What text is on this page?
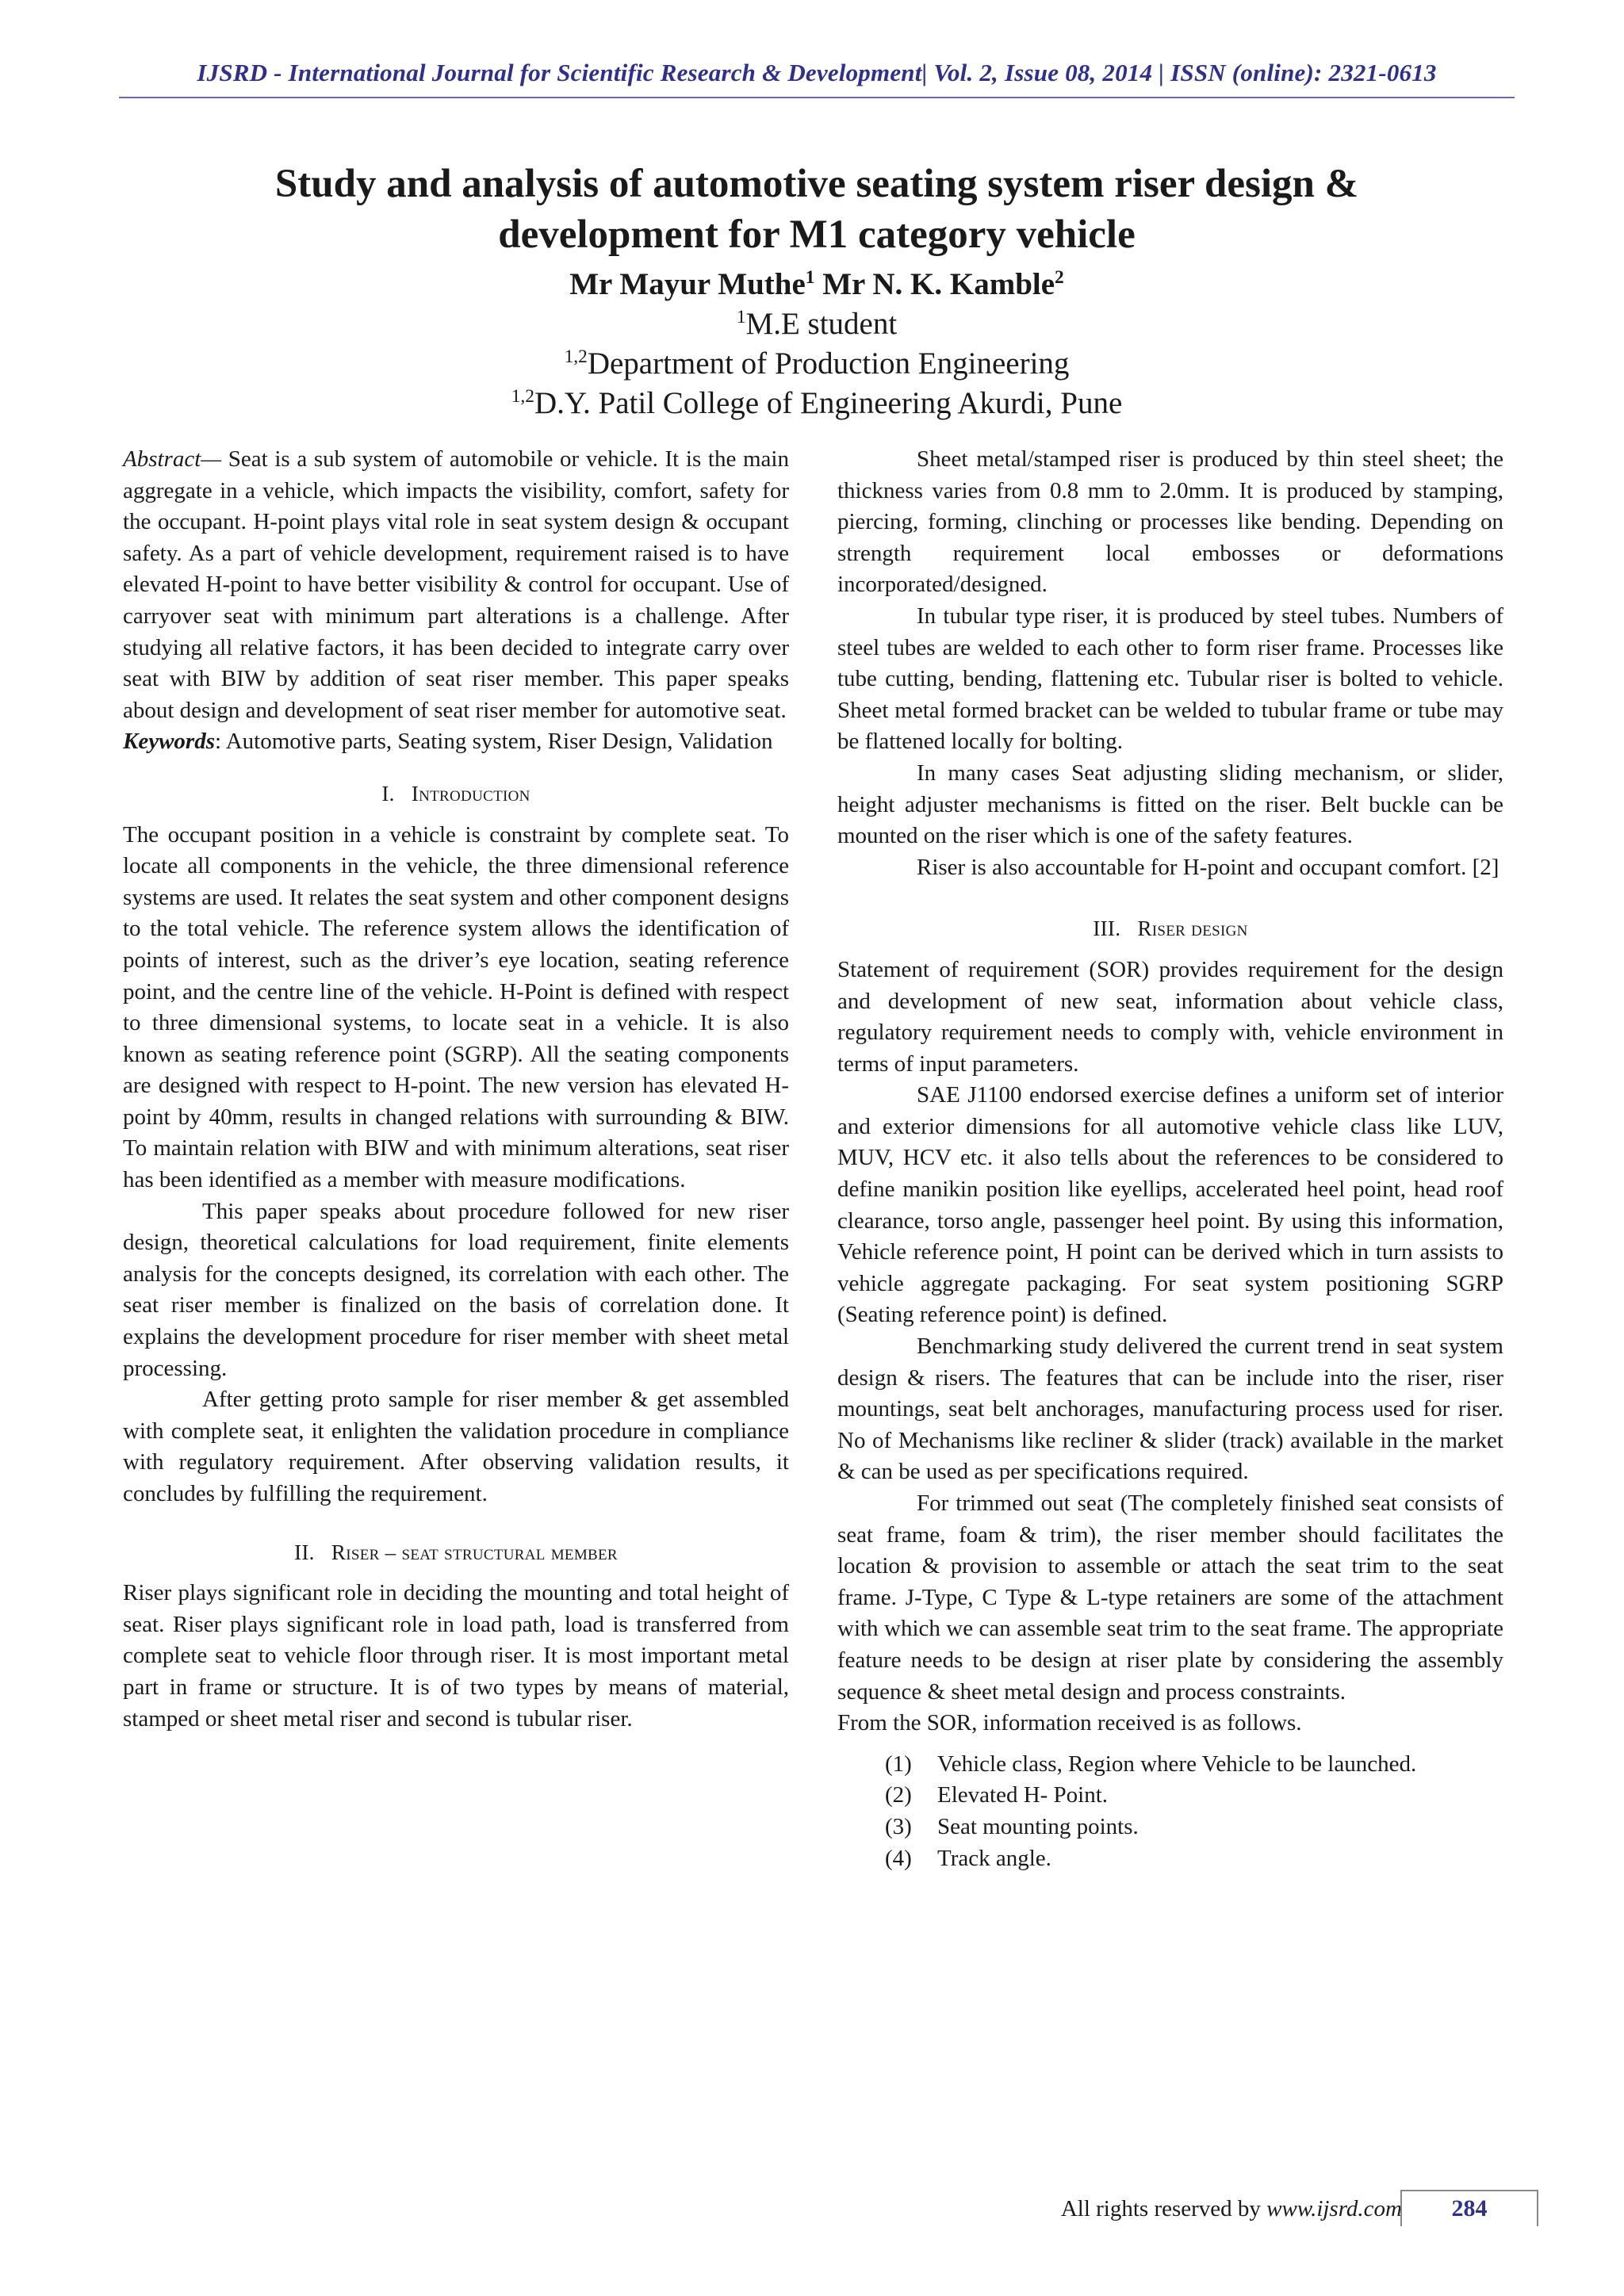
IJSRD - International Journal for Scientific Research & Development| Vol. 2, Issue 08, 2014 | ISSN (online): 2321-0613
Study and analysis of automotive seating system riser design &
development for M1 category vehicle
Mr Mayur Muthe$^1$ Mr N. K. Kamble$^2$
$^1$M.E student
$^{1,2}$Department of Production Engineering
$^{1,2}$D.Y. Patil College of Engineering Akurdi, Pune

Abstract— Seat is a sub system of automobile or vehicle. It is the main aggregate in a vehicle, which impacts the visibility, comfort, safety for the occupant. H-point plays vital role in seat system design & occupant safety. As a part of vehicle development, requirement raised is to have elevated H-point to have better visibility & control for occupant. Use of carryover seat with minimum part alterations is a challenge. After studying all relative factors, it has been decided to integrate carry over seat with BIW by addition of seat riser member. This paper speaks about design and development of seat riser member for automotive seat.

Keywords: Automotive parts, Seating system, Riser Design, Validation

I. Introduction

The occupant position in a vehicle is constraint by complete seat. To locate all components in the vehicle, the three dimensional reference systems are used. It relates the seat system and other component designs to the total vehicle. The reference system allows the identification of points of interest, such as the driver’s eye location, seating reference point, and the centre line of the vehicle. H-Point is defined with respect to three dimensional systems, to locate seat in a vehicle. It is also known as seating reference point (SGRP). All the seating components are designed with respect to H-point. The new version has elevated H-point by 40mm, results in changed relations with surrounding & BIW. To maintain relation with BIW and with minimum alterations, seat riser has been identified as a member with measure modifications.

This paper speaks about procedure followed for new riser design, theoretical calculations for load requirement, finite elements analysis for the concepts designed, its correlation with each other. The seat riser member is finalized on the basis of correlation done. It explains the development procedure for riser member with sheet metal processing.

After getting proto sample for riser member & get assembled with complete seat, it enlighten the validation procedure in compliance with regulatory requirement. After observing validation results, it concludes by fulfilling the requirement.

II. Riser – seat structural member

Riser plays significant role in deciding the mounting and total height of seat. Riser plays significant role in load path, load is transferred from complete seat to vehicle floor through riser. It is most important metal part in frame or structure. It is of two types by means of material, stamped or sheet metal riser and second is tubular riser.

Sheet metal/stamped riser is produced by thin steel sheet; the thickness varies from 0.8 mm to 2.0mm. It is produced by stamping, piercing, forming, clinching or processes like bending. Depending on strength requirement local embosses or deformations incorporated/designed.

In tubular type riser, it is produced by steel tubes. Numbers of steel tubes are welded to each other to form riser frame. Processes like tube cutting, bending, flattening etc. Tubular riser is bolted to vehicle. Sheet metal formed bracket can be welded to tubular frame or tube may be flattened locally for bolting.

In many cases Seat adjusting sliding mechanism, or slider, height adjuster mechanisms is fitted on the riser. Belt buckle can be mounted on the riser which is one of the safety features.

Riser is also accountable for H-point and occupant comfort. [2]

III. Riser design

Statement of requirement (SOR) provides requirement for the design and development of new seat, information about vehicle class, regulatory requirement needs to comply with, vehicle environment in terms of input parameters.

SAE J1100 endorsed exercise defines a uniform set of interior and exterior dimensions for all automotive vehicle class like LUV, MUV, HCV etc. it also tells about the references to be considered to define manikin position like eyellips, accelerated heel point, head roof clearance, torso angle, passenger heel point. By using this information, Vehicle reference point, H point can be derived which in turn assists to vehicle aggregate packaging. For seat system positioning SGRP (Seating reference point) is defined.

Benchmarking study delivered the current trend in seat system design & risers. The features that can be include into the riser, riser mountings, seat belt anchorages, manufacturing process used for riser. No of Mechanisms like recliner & slider (track) available in the market & can be used as per specifications required.

For trimmed out seat (The completely finished seat consists of seat frame, foam & trim), the riser member should facilitates the location & provision to assemble or attach the seat trim to the seat frame. J-Type, C Type & L-type retainers are some of the attachment with which we can assemble seat trim to the seat frame. The appropriate feature needs to be design at riser plate by considering the assembly sequence & sheet metal design and process constraints.

From the SOR, information received is as follows.

(1)	Vehicle class, Region where Vehicle to be launched.
(2)	Elevated H- Point.
(3)	Seat mounting points.
(4)	Track angle.
All rights reserved by www.ijsrd.com	284
